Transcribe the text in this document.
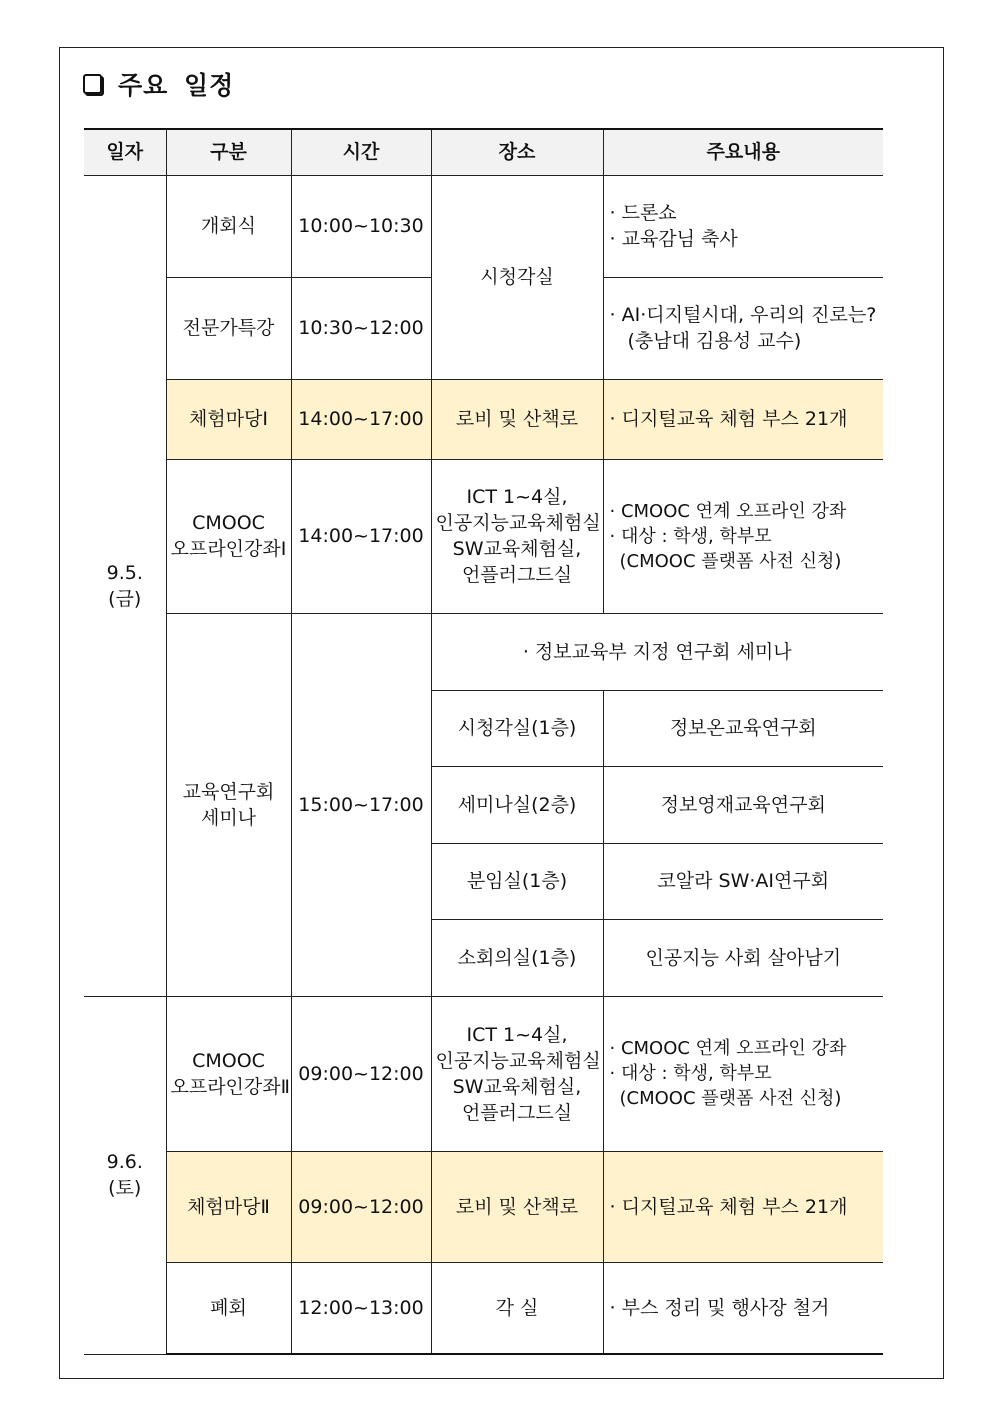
주요 일정
일자	구분	시간	장소	주요내용

9.5.
(금)	개회식	10:00~10:30	시청각실	· 드론쇼
· 교육감님 축사

	전문가특강	10:30~12:00		· AI·디지털시대, 우리의 진로는?
(충남대 김용성 교수)

	체험마당Ⅰ	14:00~17:00	로비 및 산책로	· 디지털교육 체험 부스 21개

	CMOOC
오프라인강좌Ⅰ	14:00~17:00	ICT 1~4실,
인공지능교육체험실
SW교육체험실,
언플러그드실	· CMOOC 연계 오프라인 강좌
· 대상 : 학생, 학부모
(CMOOC 플랫폼 사전 신청)

	교육연구회
세미나	15:00~17:00	· 정보교육부 지정 연구회 세미나
			시청각실(1층)	정보온교육연구회
			세미나실(2층)	정보영재교육연구회
			분임실(1층)	코알라 SW·AI연구회
			소회의실(1층)	인공지능 사회 살아남기

9.6.
(토)	CMOOC
오프라인강좌Ⅱ	09:00~12:00	ICT 1~4실,
인공지능교육체험실
SW교육체험실,
언플러그드실	· CMOOC 연계 오프라인 강좌
· 대상 : 학생, 학부모
(CMOOC 플랫폼 사전 신청)

	체험마당Ⅱ	09:00~12:00	로비 및 산책로	· 디지털교육 체험 부스 21개

	폐회	12:00~13:00	각 실	· 부스 정리 및 행사장 철거
